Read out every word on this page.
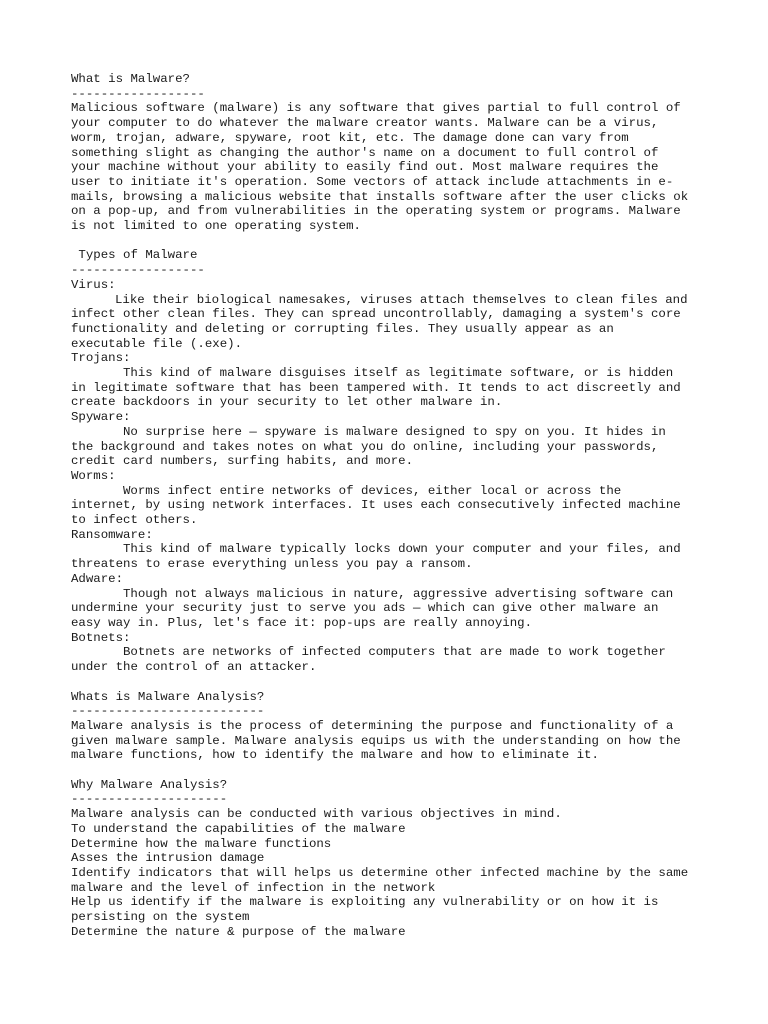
What is Malware?
------------------
Malicious software (malware) is any software that gives partial to full control of
your computer to do whatever the malware creator wants. Malware can be a virus,
worm, trojan, adware, spyware, root kit, etc. The damage done can vary from
something slight as changing the author's name on a document to full control of
your machine without your ability to easily find out. Most malware requires the
user to initiate it's operation. Some vectors of attack include attachments in e-
mails, browsing a malicious website that installs software after the user clicks ok
on a pop-up, and from vulnerabilities in the operating system or programs. Malware
is not limited to one operating system.
Types of Malware
------------------
Virus:
Like their biological namesakes, viruses attach themselves to clean files and
infect other clean files. They can spread uncontrollably, damaging a system's core
functionality and deleting or corrupting files. They usually appear as an
executable file (.exe).
Trojans:
This kind of malware disguises itself as legitimate software, or is hidden
in legitimate software that has been tampered with. It tends to act discreetly and
create backdoors in your security to let other malware in.
Spyware:
No surprise here — spyware is malware designed to spy on you. It hides in
the background and takes notes on what you do online, including your passwords,
credit card numbers, surfing habits, and more.
Worms:
Worms infect entire networks of devices, either local or across the
internet, by using network interfaces. It uses each consecutively infected machine
to infect others.
Ransomware:
This kind of malware typically locks down your computer and your files, and
threatens to erase everything unless you pay a ransom.
Adware:
Though not always malicious in nature, aggressive advertising software can
undermine your security just to serve you ads — which can give other malware an
easy way in. Plus, let's face it: pop-ups are really annoying.
Botnets:
Botnets are networks of infected computers that are made to work together
under the control of an attacker.
Whats is Malware Analysis?
--------------------------
Malware analysis is the process of determining the purpose and functionality of a
given malware sample. Malware analysis equips us with the understanding on how the
malware functions, how to identify the malware and how to eliminate it.
Why Malware Analysis?
---------------------
Malware analysis can be conducted with various objectives in mind.
To understand the capabilities of the malware
Determine how the malware functions
Asses the intrusion damage
Identify indicators that will helps us determine other infected machine by the same
malware and the level of infection in the network
Help us identify if the malware is exploiting any vulnerability or on how it is
persisting on the system
Determine the nature & purpose of the malware
